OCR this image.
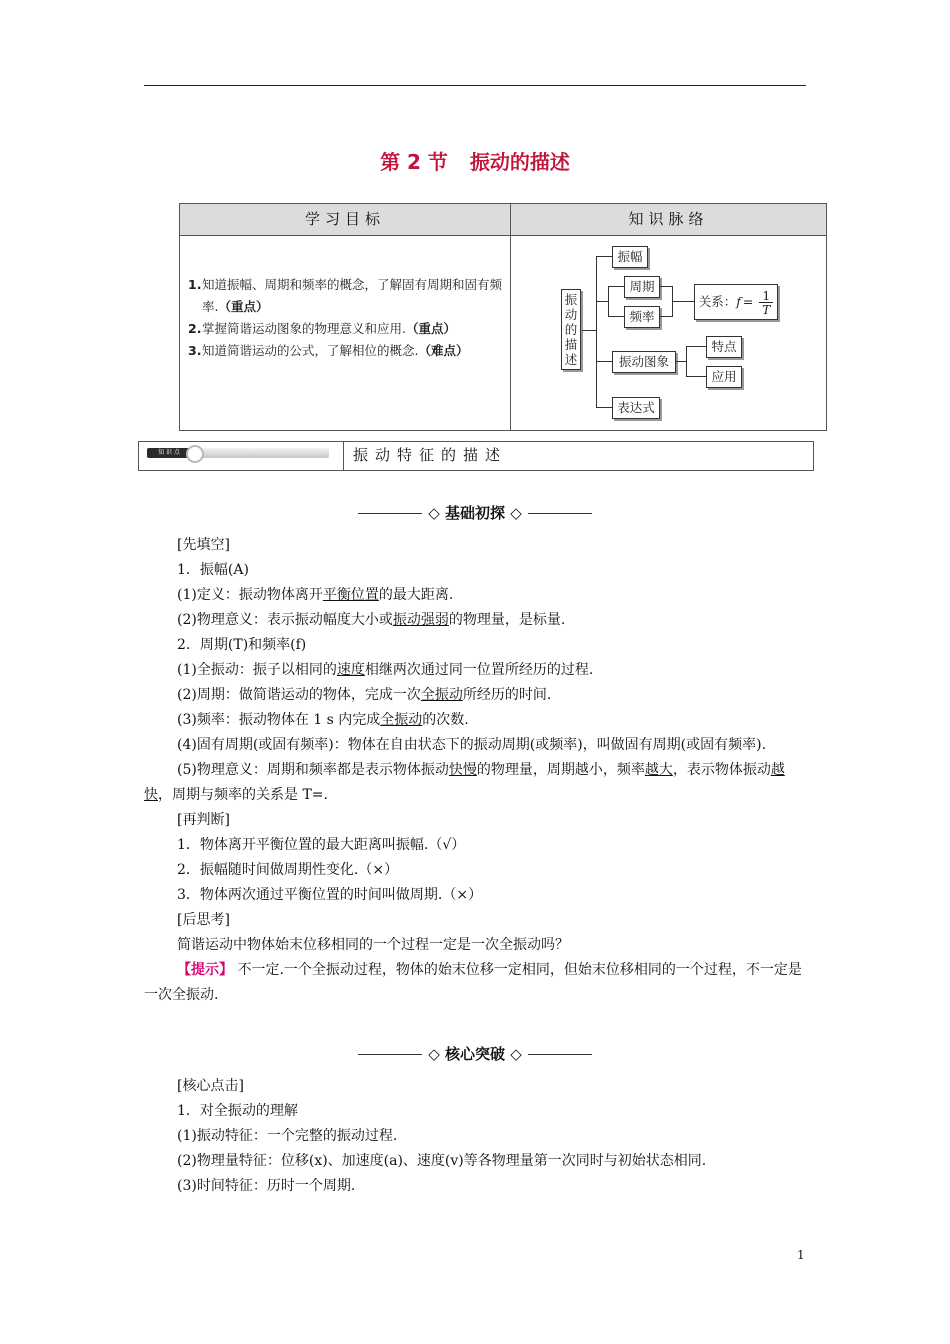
第 2 节 振动的描述
学习目标	知识脉络
1. 知道振幅、周期和频率的概念，了解固有周期和固有频率.（重点）
2. 掌握简谐运动图象的物理意义和应用.（重点）
3. 知道简谐运动的公式，了解相位的概念.（难点）
振
动
的
描
述
振幅
周期
频率
关系：$f = \frac{1}{T}$
振动图象
特点
应用
表达式
知 识 点	振动特征的描述
◇ 基础初探 ◇

[先填空]

1．振幅(A)

(1)定义：振动物体离开平衡位置的最大距离.

(2)物理意义：表示振动幅度大小或振动强弱的物理量，是标量.

2．周期(T)和频率(f)

(1)全振动：振子以相同的速度相继两次通过同一位置所经历的过程.

(2)周期：做简谐运动的物体，完成一次全振动所经历的时间.

(3)频率：振动物体在 1 s 内完成全振动的次数.

(4)固有周期(或固有频率)：物体在自由状态下的振动周期(或频率)，叫做固有周期(或固有频率).

(5)物理意义：周期和频率都是表示物体振动快慢的物理量，周期越小，频率越大，表示物体振动越快，周期与频率的关系是 T=.

[再判断]

1．物体离开平衡位置的最大距离叫振幅.（√）

2．振幅随时间做周期性变化.（×）

3．物体两次通过平衡位置的时间叫做周期.（×）

[后思考]

简谐运动中物体始末位移相同的一个过程一定是一次全振动吗？

【提示】 不一定.一个全振动过程，物体的始末位移一定相同，但始末位移相同的一个过程，不一定是一次全振动.

◇ 核心突破 ◇

[核心点击]

1．对全振动的理解

(1)振动特征：一个完整的振动过程.

(2)物理量特征：位移(x)、加速度(a)、速度(v)等各物理量第一次同时与初始状态相同.

(3)时间特征：历时一个周期.

1
